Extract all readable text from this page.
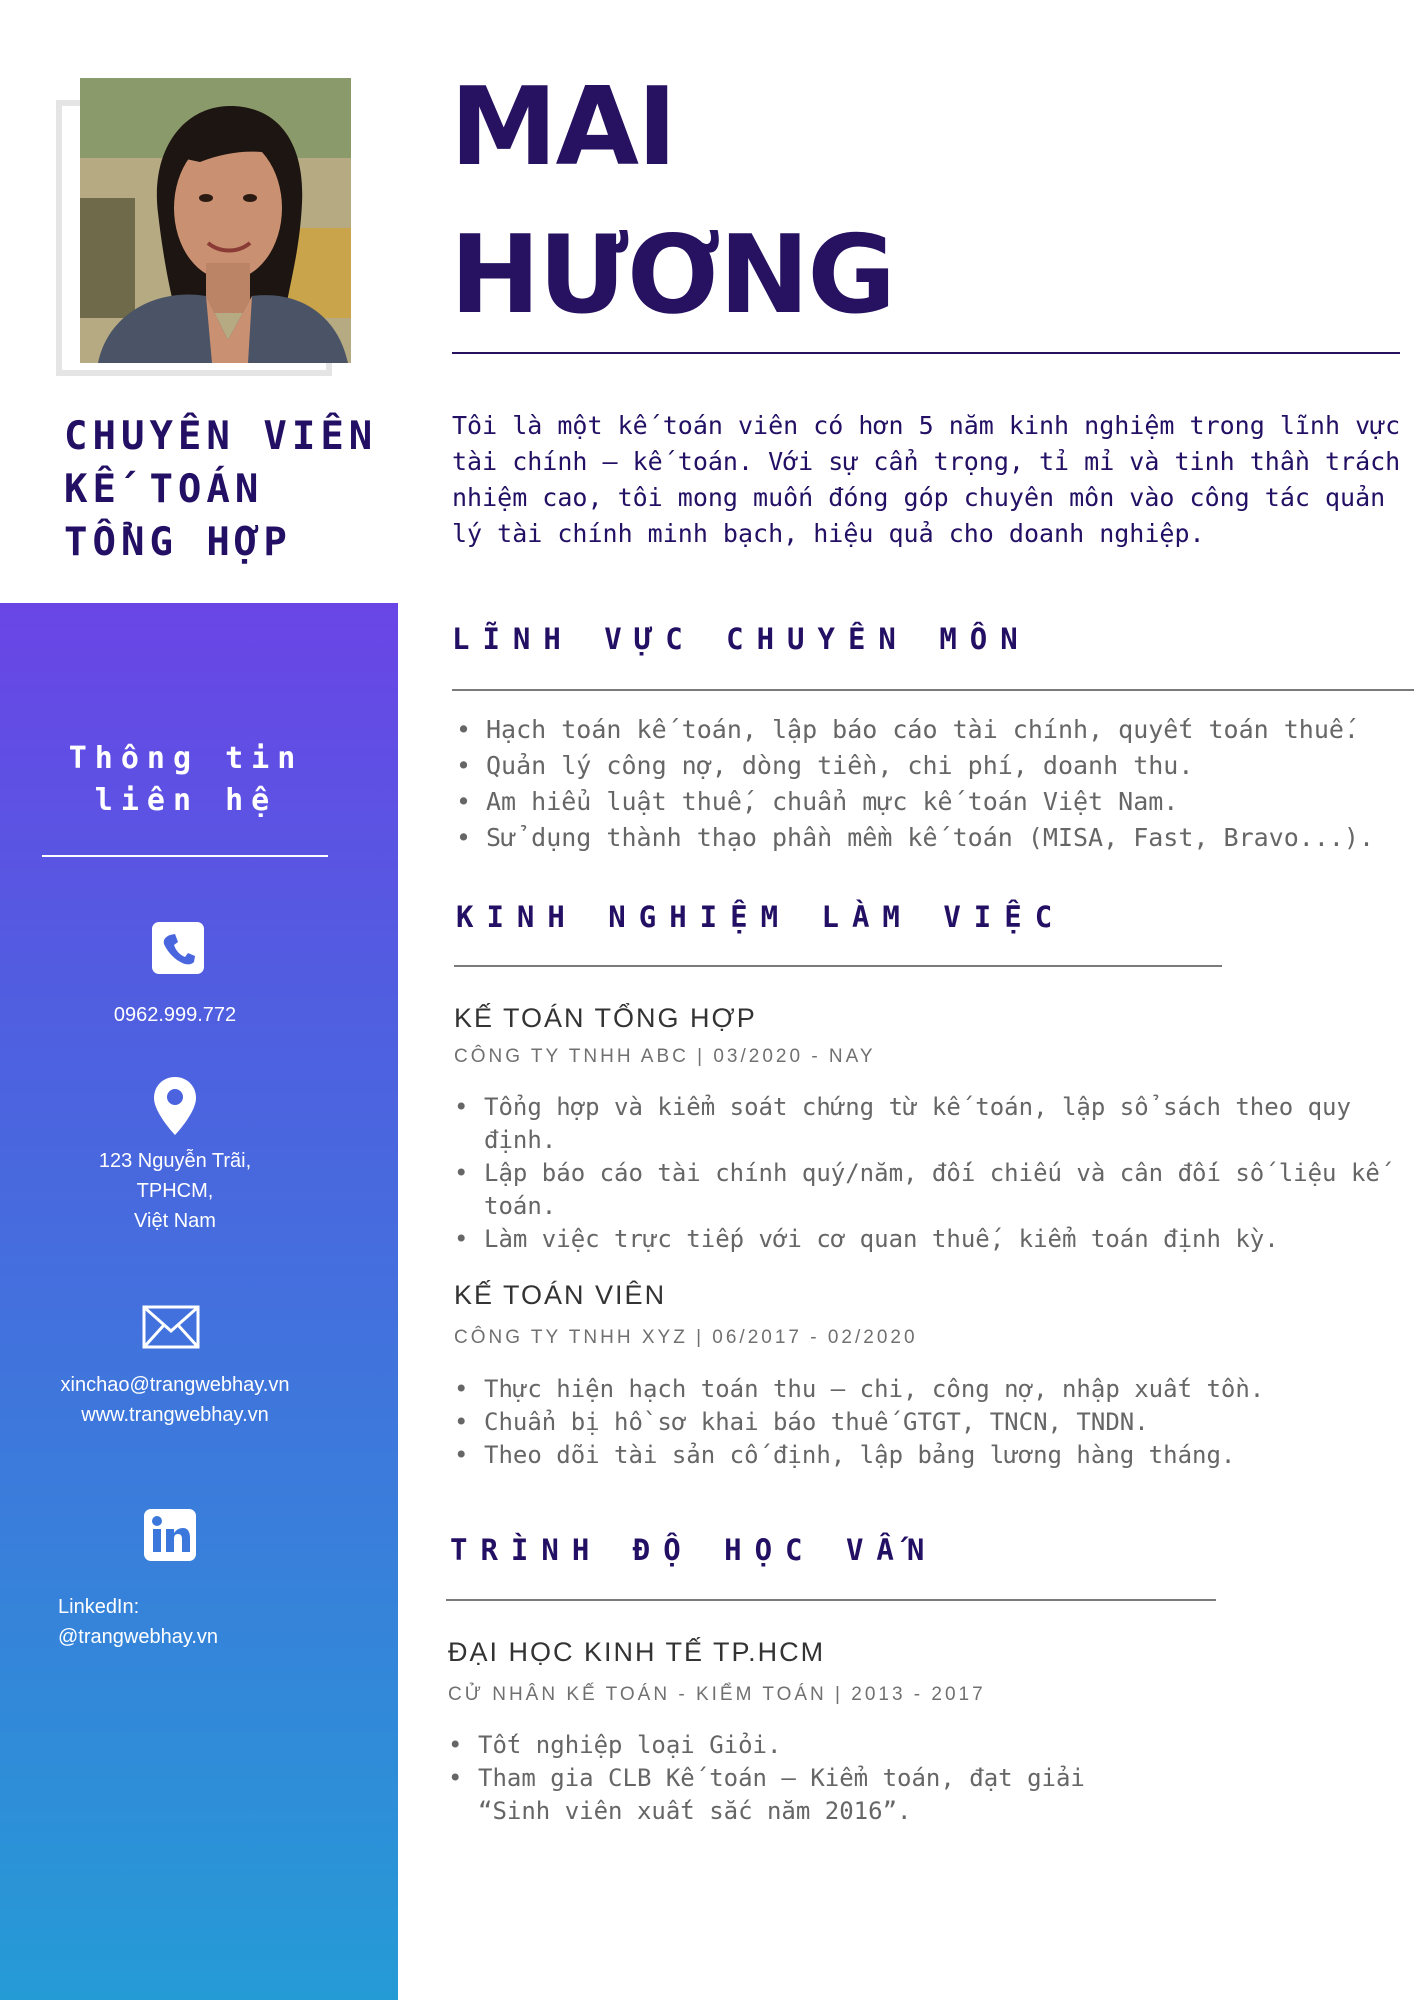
CHUYÊN VIÊN
KẾ TOÁN
TỔNG HỢP
MAI
HƯƠNG

Tôi là một kế toán viên có hơn 5 năm kinh nghiệm trong lĩnh vực tài chính – kế toán. Với sự cẩn trọng, tỉ mỉ và tinh thần trách nhiệm cao, tôi mong muốn đóng góp chuyên môn vào công tác quản lý tài chính minh bạch, hiệu quả cho doanh nghiệp.

LĨNH VỰC CHUYÊN MÔN
• Hạch toán kế toán, lập báo cáo tài chính, quyết toán thuế.
• Quản lý công nợ, dòng tiền, chi phí, doanh thu.
• Am hiểu luật thuế, chuẩn mực kế toán Việt Nam.
• Sử dụng thành thạo phần mềm kế toán (MISA, Fast, Bravo...).
KINH NGHIỆM LÀM VIỆC

KẾ TOÁN TỔNG HỢP

CÔNG TY TNHH ABC | 03/2020 - NAY

• Tổng hợp và kiểm soát chứng từ kế toán, lập sổ sách theo quy định.
• Lập báo cáo tài chính quý/năm, đối chiếu và cân đối số liệu kế toán.
• Làm việc trực tiếp với cơ quan thuế, kiểm toán định kỳ.

KẾ TOÁN VIÊN

CÔNG TY TNHH XYZ | 06/2017 - 02/2020

• Thực hiện hạch toán thu – chi, công nợ, nhập xuất tồn.
• Chuẩn bị hồ sơ khai báo thuế GTGT, TNCN, TNDN.
• Theo dõi tài sản cố định, lập bảng lương hàng tháng.
TRÌNH ĐỘ HỌC VẤN

ĐẠI HỌC KINH TẾ TP.HCM

CỬ NHÂN KẾ TOÁN - KIỂM TOÁN | 2013 - 2017

• Tốt nghiệp loại Giỏi.
• Tham gia CLB Kế toán – Kiểm toán, đạt giải “Sinh viên xuất sắc năm 2016”.
Thông tin
liên hệ

0962.999.772

123 Nguyễn Trãi,
TPHCM,
Việt Nam

xinchao@trangwebhay.vn
www.trangwebhay.vn

LinkedIn:
@trangwebhay.vn
